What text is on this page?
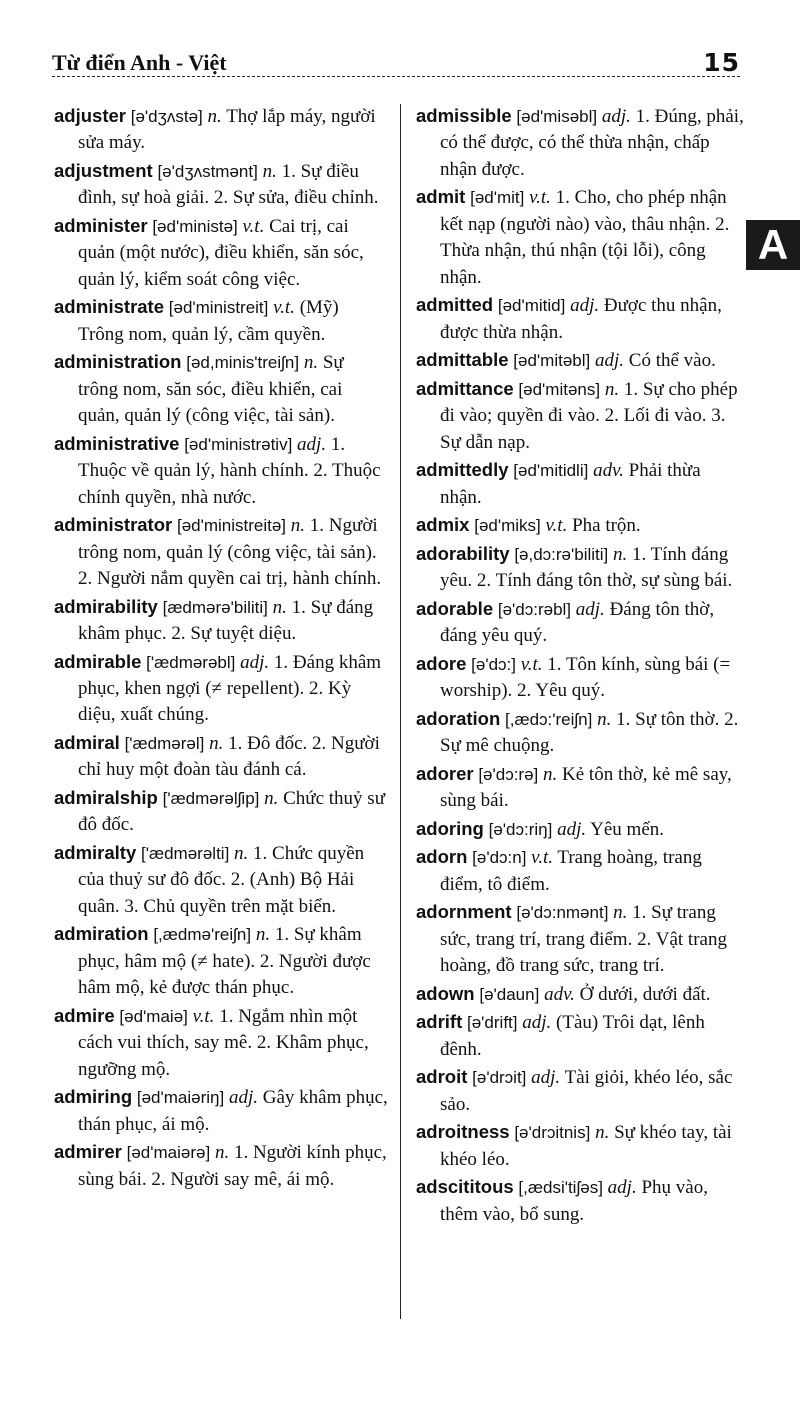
Từ điển Anh - Việt	15
A
adjuster [ə'dʒʌstə] n. Thợ lắp máy, người sửa máy.
adjustment [ə'dʒʌstmənt] n. 1. Sự điều đình, sự hoà giải. 2. Sự sửa, điều chỉnh.
administer [əd'ministə] v.t. Cai trị, cai quản (một nước), điều khiển, săn sóc, quản lý, kiểm soát công việc.
administrate [əd'ministreit] v.t. (Mỹ) Trông nom, quản lý, cầm quyền.
administration [əd,minis'treiʃn] n. Sự trông nom, săn sóc, điều khiển, cai quản, quản lý (công việc, tài sản).
administrative [əd'ministrətiv] adj. 1. Thuộc về quản lý, hành chính. 2. Thuộc chính quyền, nhà nước.
administrator [əd'ministreitə] n. 1. Người trông nom, quản lý (công việc, tài sản). 2. Người nắm quyền cai trị, hành chính.
admirability [ædmərə'biliti] n. 1. Sự đáng khâm phục. 2. Sự tuyệt diệu.
admirable ['ædmərəbl] adj. 1. Đáng khâm phục, khen ngợi (≠ repellent). 2. Kỳ diệu, xuất chúng.
admiral ['ædmərəl] n. 1. Đô đốc. 2. Người chỉ huy một đoàn tàu đánh cá.
admiralship ['ædmərəlʃip] n. Chức thuỷ sư đô đốc.
admiralty ['ædmərəlti] n. 1. Chức quyền của thuỷ sư đô đốc. 2. (Anh) Bộ Hải quân. 3. Chủ quyền trên mặt biển.
admiration [,ædmə'reiʃn] n. 1. Sự khâm phục, hâm mộ (≠ hate). 2. Người được hâm mộ, kẻ được thán phục.
admire [əd'maiə] v.t. 1. Ngắm nhìn một cách vui thích, say mê. 2. Khâm phục, ngưỡng mộ.
admiring [əd'maiəriŋ] adj. Gây khâm phục, thán phục, ái mộ.
admirer [əd'maiərə] n. 1. Người kính phục, sùng bái. 2. Người say mê, ái mộ.
admissible [əd'misəbl] adj. 1. Đúng, phải, có thể được, có thể thừa nhận, chấp nhận được.
admit [əd'mit] v.t. 1. Cho, cho phép nhận kết nạp (người nào) vào, thâu nhận. 2. Thừa nhận, thú nhận (tội lỗi), công nhận.
admitted [əd'mitid] adj. Được thu nhận, được thừa nhận.
admittable [əd'mitəbl] adj. Có thể vào.
admittance [əd'mitəns] n. 1. Sự cho phép đi vào; quyền đi vào. 2. Lối đi vào. 3. Sự dẫn nạp.
admittedly [əd'mitidli] adv. Phải thừa nhận.
admix [əd'miks] v.t. Pha trộn.
adorability [ə,dɔ:rə'biliti] n. 1. Tính đáng yêu. 2. Tính đáng tôn thờ, sự sùng bái.
adorable [ə'dɔ:rəbl] adj. Đáng tôn thờ, đáng yêu quý.
adore [ə'dɔ:] v.t. 1. Tôn kính, sùng bái (= worship). 2. Yêu quý.
adoration [,ædɔ:'reiʃn] n. 1. Sự tôn thờ. 2. Sự mê chuộng.
adorer [ə'dɔ:rə] n. Kẻ tôn thờ, kẻ mê say, sùng bái.
adoring [ə'dɔ:riŋ] adj. Yêu mến.
adorn [ə'dɔ:n] v.t. Trang hoàng, trang điểm, tô điểm.
adornment [ə'dɔ:nmənt] n. 1. Sự trang sức, trang trí, trang điểm. 2. Vật trang hoàng, đồ trang sức, trang trí.
adown [ə'daun] adv. Ở dưới, dưới đất.
adrift [ə'drift] adj. (Tàu) Trôi dạt, lênh đênh.
adroit [ə'drɔit] adj. Tài giỏi, khéo léo, sắc sảo.
adroitness [ə'drɔitnis] n. Sự khéo tay, tài khéo léo.
adscititous [,ædsi'tiʃəs] adj. Phụ vào, thêm vào, bổ sung.
